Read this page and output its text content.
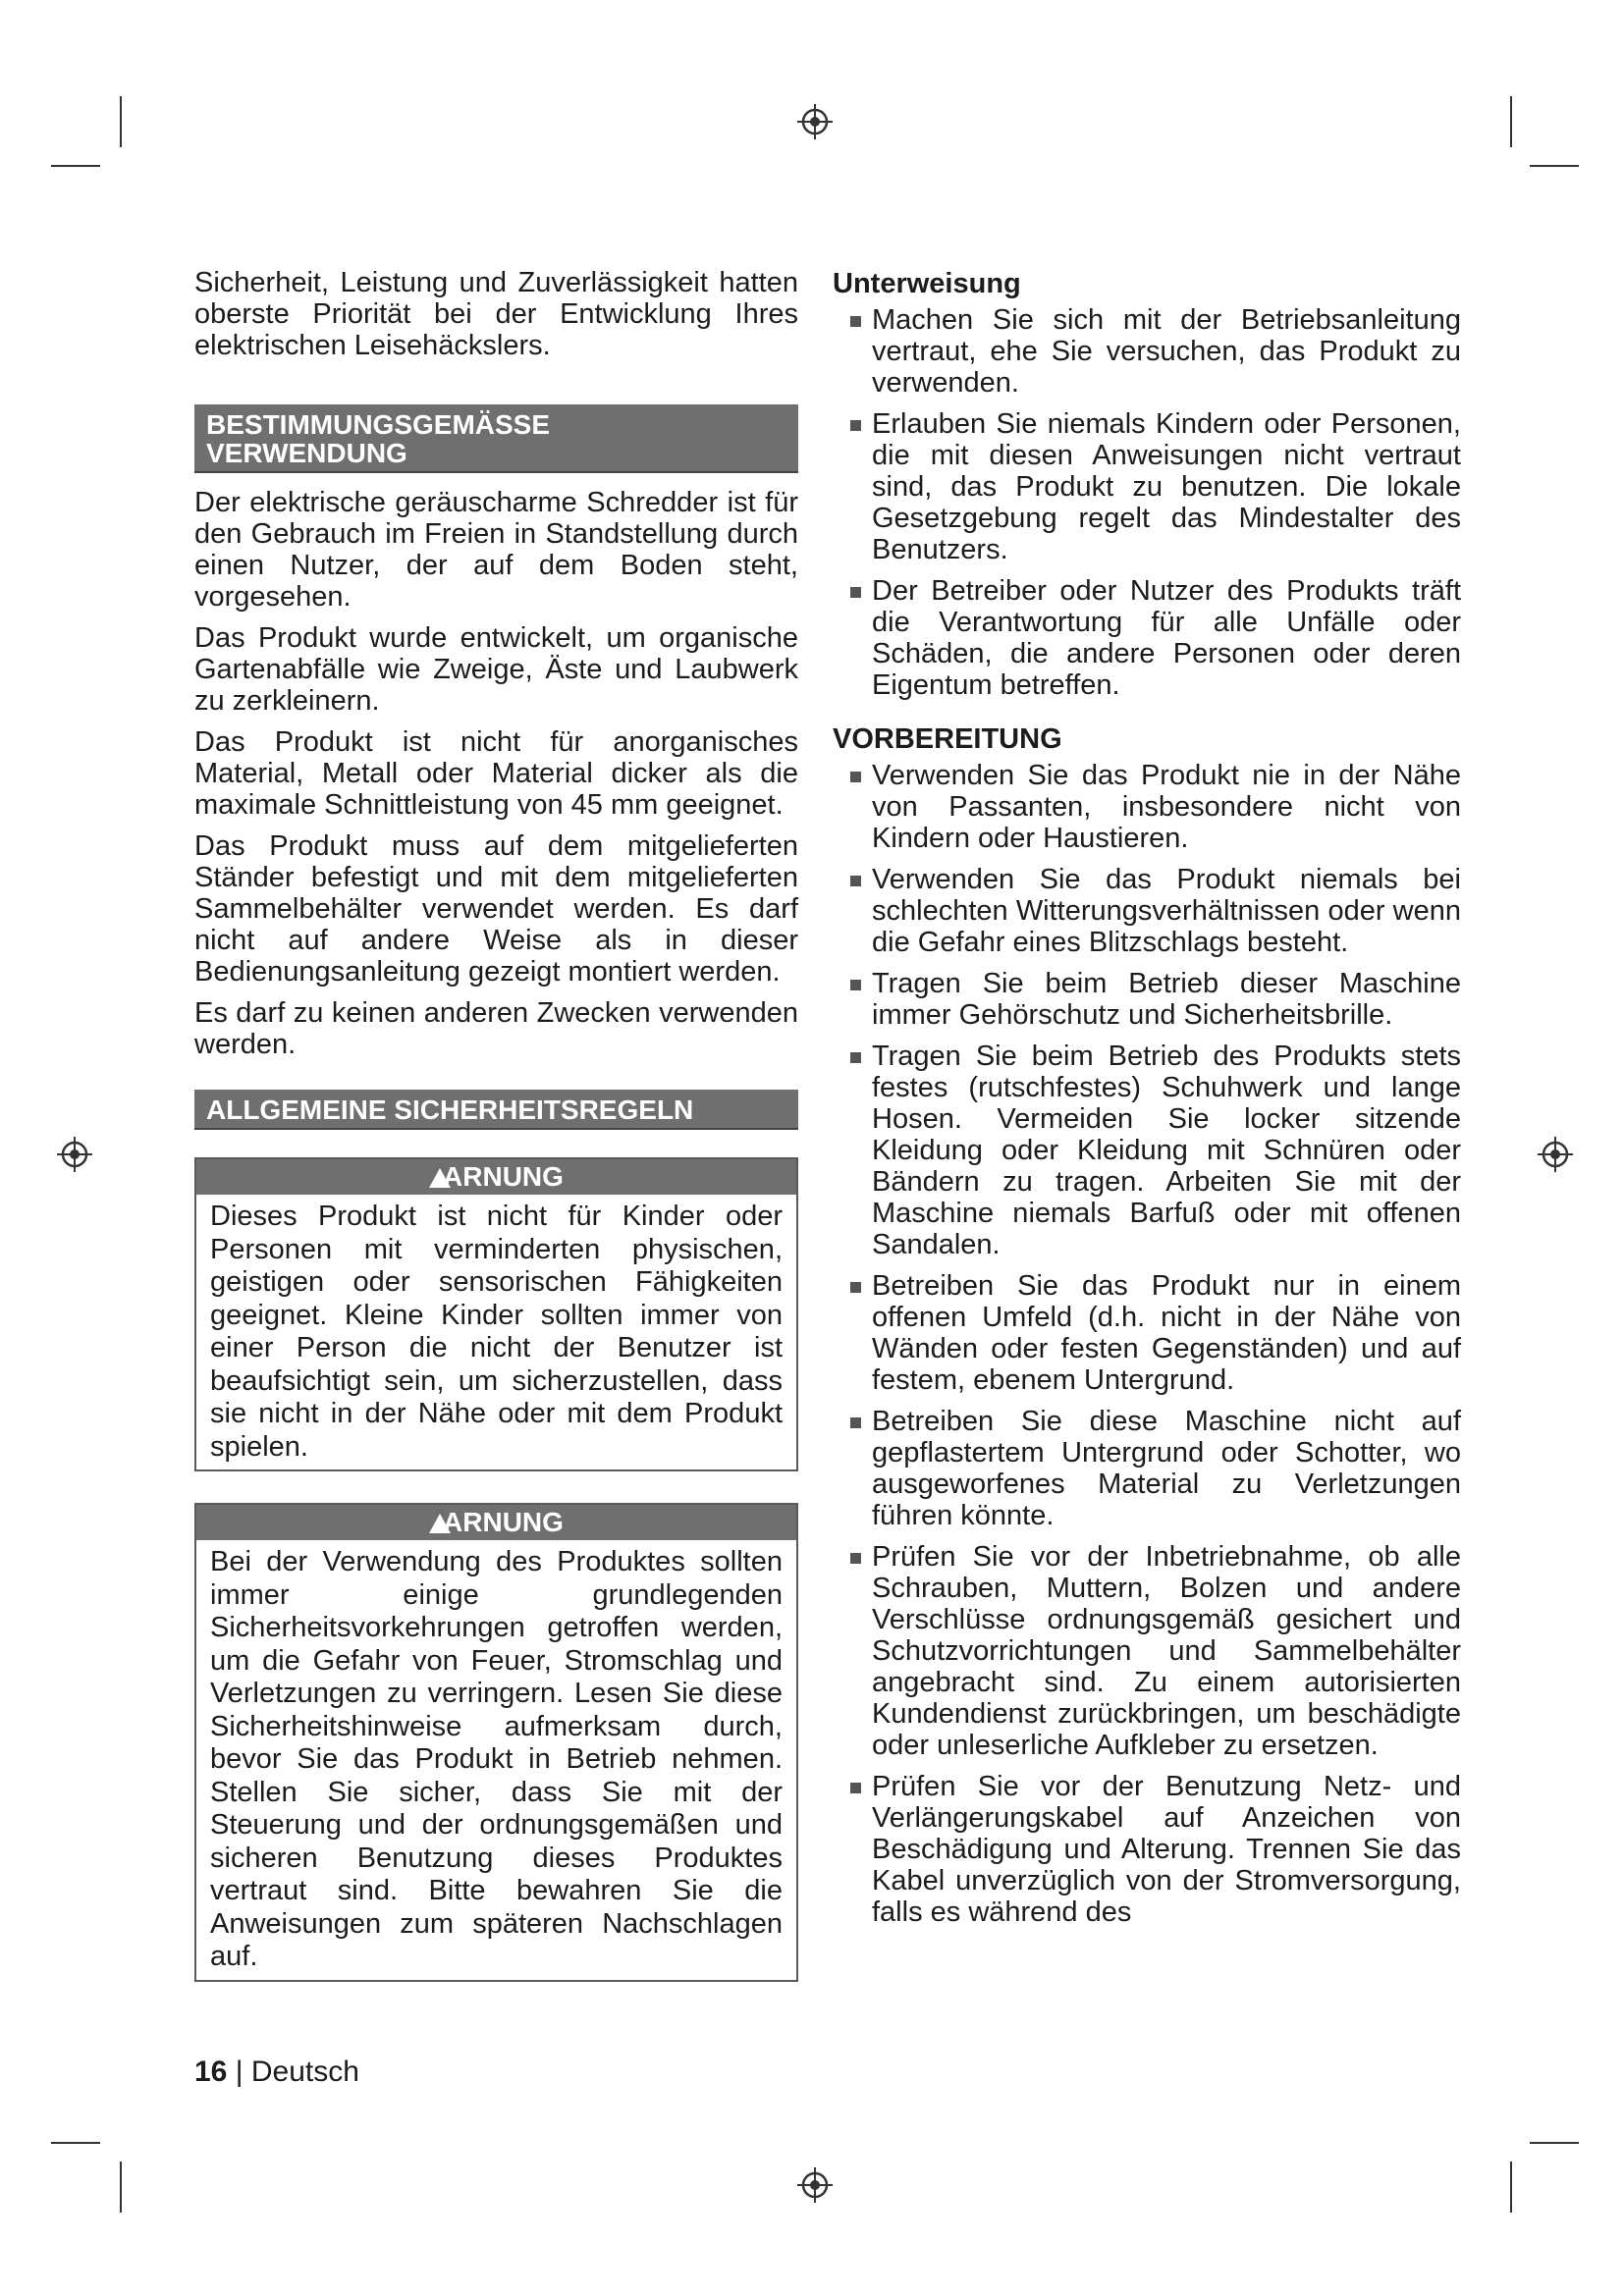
Sicherheit, Leistung und Zuverlässigkeit hatten oberste Priorität bei der Entwicklung Ihres elektrischen Leisehäckslers.

BESTIMMUNGSGEMÄSSE
VERWENDUNG

Der elektrische geräuscharme Schredder ist für den Gebrauch im Freien in Standstellung durch einen Nutzer, der auf dem Boden steht, vorgesehen.

Das Produkt wurde entwickelt, um organische Gartenabfälle wie Zweige, Äste und Laubwerk zu zerkleinern.

Das Produkt ist nicht für anorganisches Material, Metall oder Material dicker als die maximale Schnittleistung von 45 mm geeignet.

Das Produkt muss auf dem mitgelieferten Ständer befestigt und mit dem mitgelieferten Sammelbehälter verwendet werden. Es darf nicht auf andere Weise als in dieser Bedienungsanleitung gezeigt montiert werden.

Es darf zu keinen anderen Zwecken verwenden werden.

ALLGEMEINE SICHERHEITSREGELN
ARNUNG
Dieses Produkt ist nicht für Kinder oder Personen mit verminderten physischen, geistigen oder sensorischen Fähigkeiten geeignet. Kleine Kinder sollten immer von einer Person die nicht der Benutzer ist beaufsichtigt sein, um sicherzustellen, dass sie nicht in der Nähe oder mit dem Produkt spielen.
ARNUNG
Bei der Verwendung des Produktes sollten immer einige grundlegenden Sicherheitsvorkehrungen getroffen werden, um die Gefahr von Feuer, Stromschlag und Verletzungen zu verringern. Lesen Sie diese Sicherheitshinweise aufmerksam durch, bevor Sie das Produkt in Betrieb nehmen. Stellen Sie sicher, dass Sie mit der Steuerung und der ordnungsgemäßen und sicheren Benutzung dieses Produktes vertraut sind. Bitte bewahren Sie die Anweisungen zum späteren Nachschlagen auf.
Unterweisung
Machen Sie sich mit der Betriebsanleitung vertraut, ehe Sie versuchen, das Produkt zu verwenden.
Erlauben Sie niemals Kindern oder Personen, die mit diesen Anweisungen nicht vertraut sind, das Produkt zu benutzen. Die lokale Gesetzgebung regelt das Mindestalter des Benutzers.
Der Betreiber oder Nutzer des Produkts träft die Verantwortung für alle Unfälle oder Schäden, die andere Personen oder deren Eigentum betreffen.
VORBEREITUNG
Verwenden Sie das Produkt nie in der Nähe von Passanten, insbesondere nicht von Kindern oder Haustieren.
Verwenden Sie das Produkt niemals bei schlechten Witterungsverhältnissen oder wenn die Gefahr eines Blitzschlags besteht.
Tragen Sie beim Betrieb dieser Maschine immer Gehörschutz und Sicherheitsbrille.
Tragen Sie beim Betrieb des Produkts stets festes (rutschfestes) Schuhwerk und lange Hosen. Vermeiden Sie locker sitzende Kleidung oder Kleidung mit Schnüren oder Bändern zu tragen. Arbeiten Sie mit der Maschine niemals Barfuß oder mit offenen Sandalen.
Betreiben Sie das Produkt nur in einem offenen Umfeld (d.h. nicht in der Nähe von Wänden oder festen Gegenständen) und auf festem, ebenem Untergrund.
Betreiben Sie diese Maschine nicht auf gepflastertem Untergrund oder Schotter, wo ausgeworfenes Material zu Verletzungen führen könnte.
Prüfen Sie vor der Inbetriebnahme, ob alle Schrauben, Muttern, Bolzen und andere Verschlüsse ordnungsgemäß gesichert und Schutzvorrichtungen und Sammelbehälter angebracht sind. Zu einem autorisierten Kundendienst zurückbringen, um beschädigte oder unleserliche Aufkleber zu ersetzen.
Prüfen Sie vor der Benutzung Netz- und Verlängerungskabel auf Anzeichen von Beschädigung und Alterung. Trennen Sie das Kabel unverzüglich von der Stromversorgung, falls es während des
16 | Deutsch
